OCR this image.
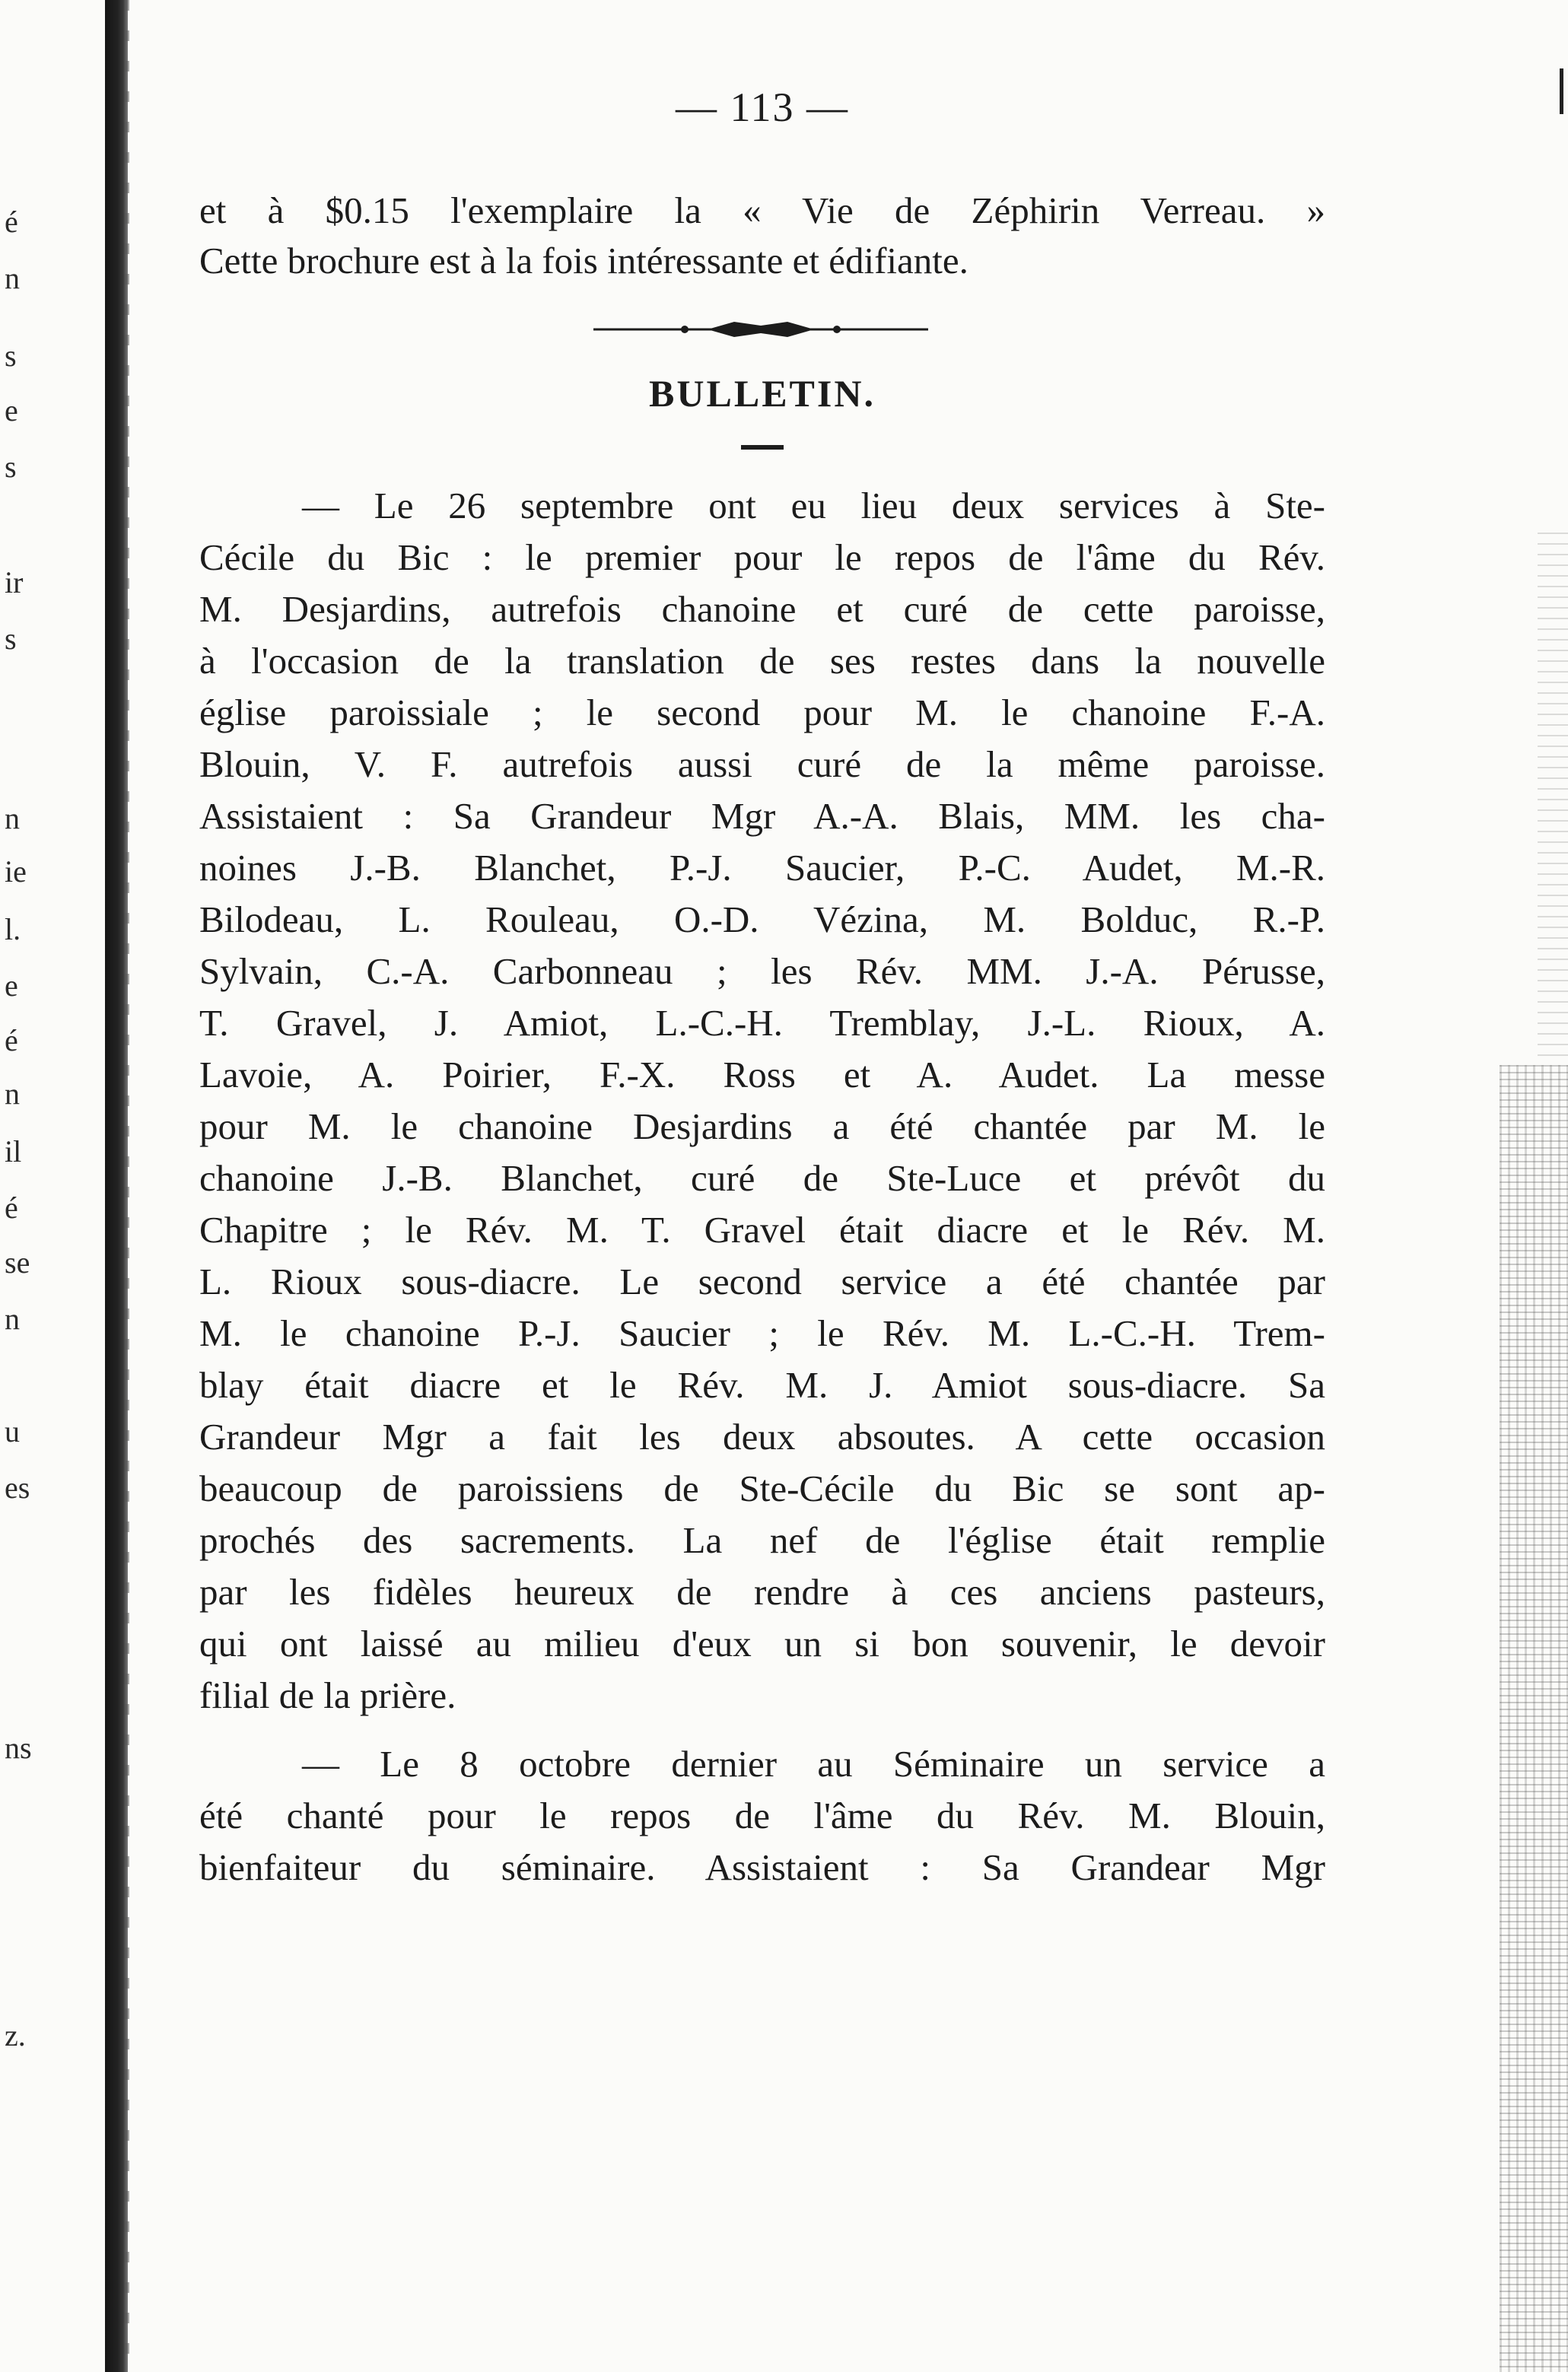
é
n
s
e
s
ir
s
n
ie
l.
e
é
n
il
é
se
n
u
es
ns
z.
— 113 —
et à $0.15 l'exemplaire la « Vie de Zéphirin Verreau. »
Cette brochure est à la fois intéressante et édifiante.
BULLETIN.
— Le 26 septembre ont eu lieu deux services à Ste-
Cécile du Bic : le premier pour le repos de l'âme du Rév.
M. Desjardins, autrefois chanoine et curé de cette paroisse,
à l'occasion de la translation de ses restes dans la nouvelle
église paroissiale ; le second pour M. le chanoine F.-A.
Blouin, V. F. autrefois aussi curé de la même paroisse.
Assistaient : Sa Grandeur Mgr A.-A. Blais, MM. les cha-
noines J.-B. Blanchet, P.-J. Saucier, P.-C. Audet, M.-R.
Bilodeau, L. Rouleau, O.-D. Vézina, M. Bolduc, R.-P.
Sylvain, C.-A. Carbonneau ; les Rév. MM. J.-A. Pérusse,
T. Gravel, J. Amiot, L.-C.-H. Tremblay, J.-L. Rioux, A.
Lavoie, A. Poirier, F.-X. Ross et A. Audet. La messe
pour M. le chanoine Desjardins a été chantée par M. le
chanoine J.-B. Blanchet, curé de Ste-Luce et prévôt du
Chapitre ; le Rév. M. T. Gravel était diacre et le Rév. M.
L. Rioux sous-diacre. Le second service a été chantée par
M. le chanoine P.-J. Saucier ; le Rév. M. L.-C.-H. Trem-
blay était diacre et le Rév. M. J. Amiot sous-diacre. Sa
Grandeur Mgr a fait les deux absoutes. A cette occasion
beaucoup de paroissiens de Ste-Cécile du Bic se sont ap-
prochés des sacrements. La nef de l'église était remplie
par les fidèles heureux de rendre à ces anciens pasteurs,
qui ont laissé au milieu d'eux un si bon souvenir, le devoir
filial de la prière.
— Le 8 octobre dernier au Séminaire un service a
été chanté pour le repos de l'âme du Rév. M. Blouin,
bienfaiteur du séminaire. Assistaient : Sa Grandear Mgr
